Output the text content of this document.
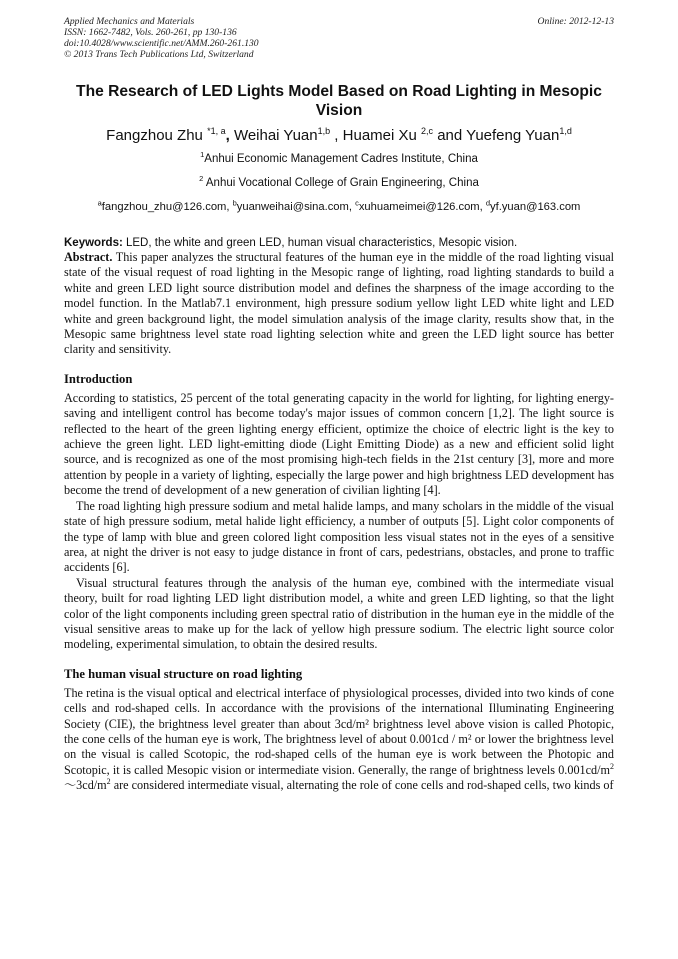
Applied Mechanics and Materials
ISSN: 1662-7482, Vols. 260-261, pp 130-136
doi:10.4028/www.scientific.net/AMM.260-261.130
© 2013 Trans Tech Publications Ltd, Switzerland
Online: 2012-12-13
The Research of LED Lights Model Based on Road Lighting in Mesopic Vision
Fangzhou Zhu $^{*1, a}$, Weihai Yuan$^{1,b}$ , Huamei Xu $^{2,c}$ and Yuefeng Yuan$^{1,d}$
$^1$Anhui Economic Management Cadres Institute, China
$^2$ Anhui Vocational College of Grain Engineering, China
$^a$fangzhou_zhu@126.com, $^b$yuanweihai@sina.com, $^c$xuhuameimei@126.com, $^d$yf.yuan@163.com
Keywords: LED, the white and green LED, human visual characteristics, Mesopic vision.

Abstract. This paper analyzes the structural features of the human eye in the middle of the road lighting visual state of the visual request of road lighting in the Mesopic range of lighting, road lighting standards to build a white and green LED light source distribution model and defines the sharpness of the image according to the model function. In the Matlab7.1 environment, high pressure sodium yellow light LED white light and LED white and green background light, the model simulation analysis of the image clarity, results show that, in the Mesopic same brightness level state road lighting selection white and green the LED light source has better clarity and sensitivity.

Introduction

According to statistics, 25 percent of the total generating capacity in the world for lighting, for lighting energy-saving and intelligent control has become today's major issues of common concern [1,2]. The light source is reflected to the heart of the green lighting energy efficient, optimize the choice of electric light is the key to achieve the green light. LED light-emitting diode (Light Emitting Diode) as a new and efficient solid light source, and is recognized as one of the most promising high-tech fields in the 21st century [3], more and more attention by people in a variety of lighting, especially the large power and high brightness LED development has become the trend of development of a new generation of civilian lighting [4].

The road lighting high pressure sodium and metal halide lamps, and many scholars in the middle of the visual state of high pressure sodium, metal halide light efficiency, a number of outputs [5]. Light color components of the type of lamp with blue and green colored light composition less visual states not in the eyes of a sensitive area, at night the driver is not easy to judge distance in front of cars, pedestrians, obstacles, and prone to traffic accidents [6].

Visual structural features through the analysis of the human eye, combined with the intermediate visual theory, built for road lighting LED light distribution model, a white and green LED lighting, so that the light color of the light components including green spectral ratio of distribution in the human eye in the middle of the visual sensitive areas to make up for the lack of yellow high pressure sodium. The electric light source color modeling, experimental simulation, to obtain the desired results.

The human visual structure on road lighting

The retina is the visual optical and electrical interface of physiological processes, divided into two kinds of cone cells and rod-shaped cells. In accordance with the provisions of the international Illuminating Engineering Society (CIE), the brightness level greater than about 3cd/m² brightness level above vision is called Photopic, the cone cells of the human eye is work, The brightness level of about 0.001cd / m² or lower the brightness level on the visual is called Scotopic, the rod-shaped cells of the human eye is work between the Photopic and Scotopic, it is called Mesopic vision or intermediate vision. Generally, the range of brightness levels $0.001cd/m^2\sim 3cd/m^2$ are considered intermediate visual, alternating the role of cone cells and rod-shaped cells, two kinds of
